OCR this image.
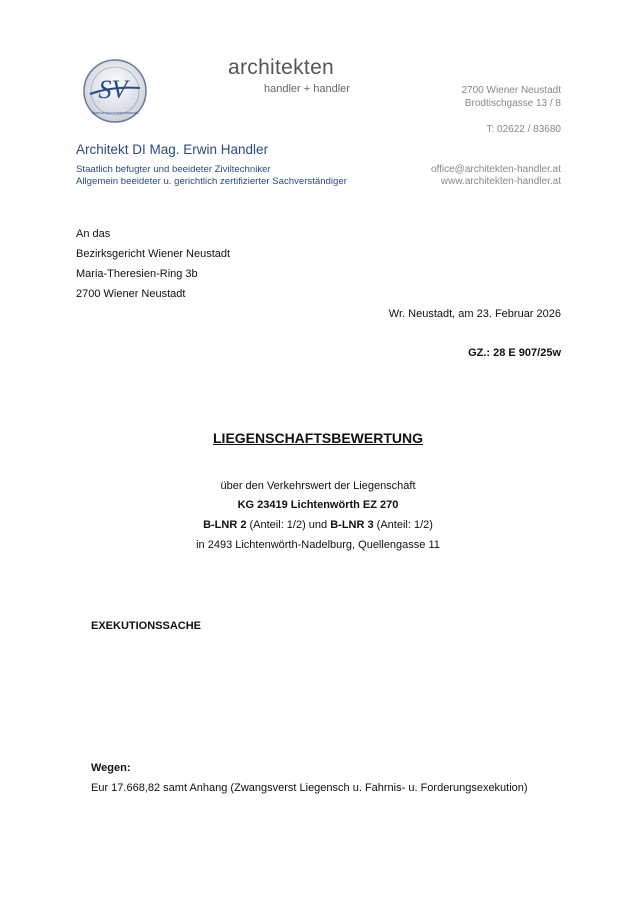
SV
GERICHTSSACHVERSTÄNDIGER
architekten
handler + handler	2700 Wiener Neustadt
Brodtischgasse 13 / 8
T: 02622 / 83680
office@architekten-handler.at
www.architekten-handler.at
Architekt DI Mag. Erwin Handler
Staatlich befugter und beeideter Ziviltechniker
Allgemein beeideter u. gerichtlich zertifizierter Sachverständiger
An das
Bezirksgericht Wiener Neustadt
Maria-Theresien-Ring 3b
2700 Wiener Neustadt
Wr. Neustadt, am 23. Februar 2026
GZ.: 28 E 907/25w
LIEGENSCHAFTSBEWERTUNG
über den Verkehrswert der Liegenschaft
KG 23419 Lichtenwörth EZ 270
B-LNR 2 (Anteil: 1/2) und B-LNR 3 (Anteil: 1/2)
in 2493 Lichtenwörth-Nadelburg, Quellengasse 11
EXEKUTIONSSACHE
Wegen:
Eur 17.668,82 samt Anhang (Zwangsverst Liegensch u. Fahrnis- u. Forderungsexekution)
